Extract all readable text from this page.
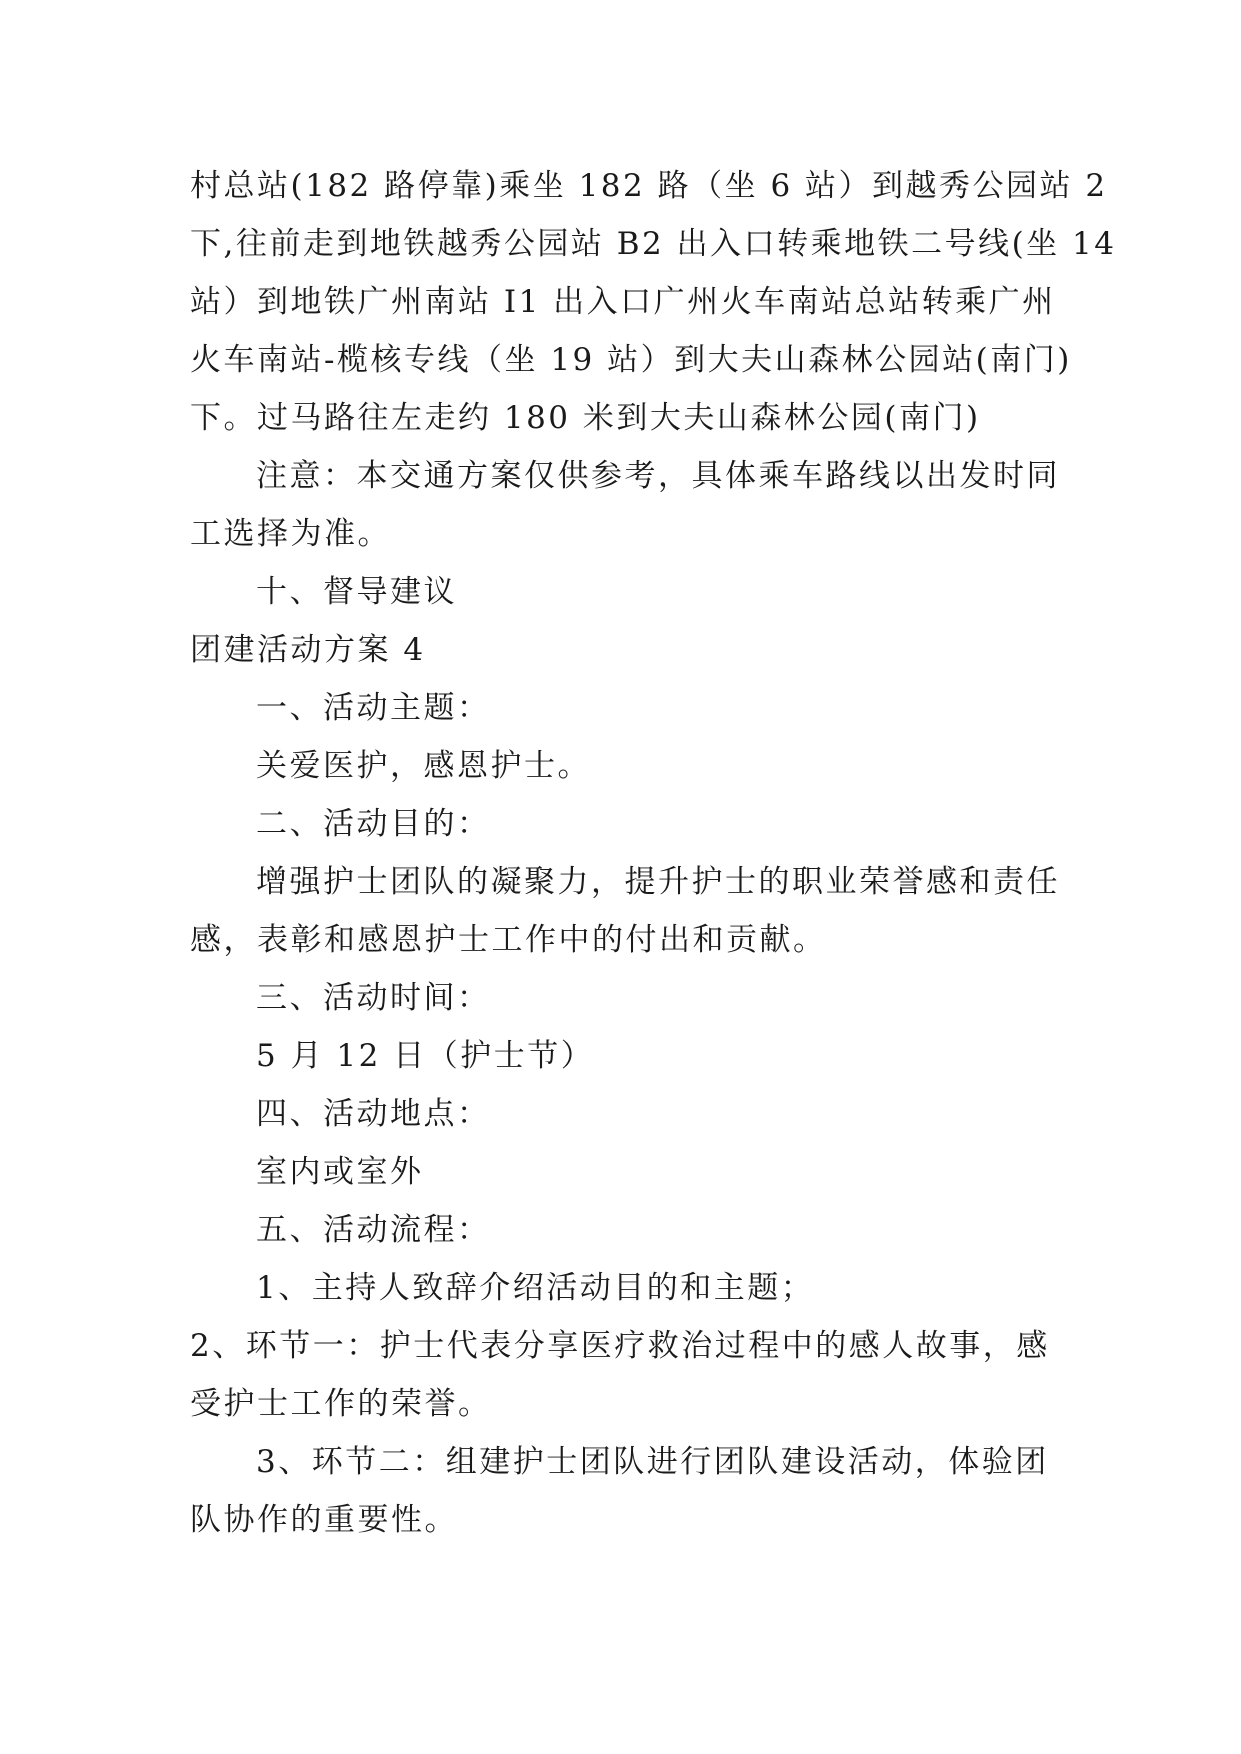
村总站(182 路停靠)乘坐 182 路（坐 6 站）到越秀公园站 2
下,往前走到地铁越秀公园站 B2 出入口转乘地铁二号线(坐 14
站）到地铁广州南站 I1 出入口广州火车南站总站转乘广州
火车南站-榄核专线（坐 19 站）到大夫山森林公园站(南门)
下。过马路往左走约 180 米到大夫山森林公园(南门)
注意：本交通方案仅供参考，具体乘车路线以出发时同
工选择为准。
十、督导建议
团建活动方案 4
一、活动主题：
关爱医护，感恩护士。
二、活动目的：
增强护士团队的凝聚力，提升护士的职业荣誉感和责任
感，表彰和感恩护士工作中的付出和贡献。
三、活动时间：
5 月 12 日（护士节）
四、活动地点：
室内或室外
五、活动流程：
1、主持人致辞介绍活动目的和主题；
2、环节一：护士代表分享医疗救治过程中的感人故事，感
受护士工作的荣誉。
3、环节二：组建护士团队进行团队建设活动，体验团
队协作的重要性。
